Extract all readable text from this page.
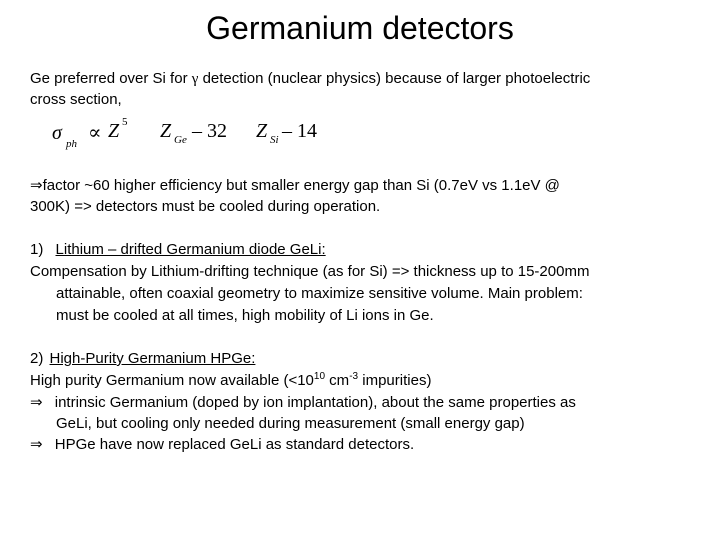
Germanium detectors
Ge preferred over Si for γ detection (nuclear physics) because of larger photoelectric
cross section,
σ ph ∝ Z 5 Z Ge – 32 Z Si – 14
⇒factor ~60 higher efficiency but smaller energy gap than Si (0.7eV vs 1.1eV @
300K) => detectors must be cooled during operation.
1) Lithium – drifted Germanium diode GeLi:
Compensation by Lithium-drifting technique (as for Si) => thickness up to 15-200mm
attainable, often coaxial geometry to maximize sensitive volume. Main problem:
must be cooled at all times, high mobility of Li ions in Ge.
2) High-Purity Germanium HPGe:
High purity Germanium now available ($<10^{10}$ $cm^{-3}$ impurities)
⇒ intrinsic Germanium (doped by ion implantation), about the same properties as
GeLi, but cooling only needed during measurement (small energy gap)
⇒ HPGe have now replaced GeLi as standard detectors.
